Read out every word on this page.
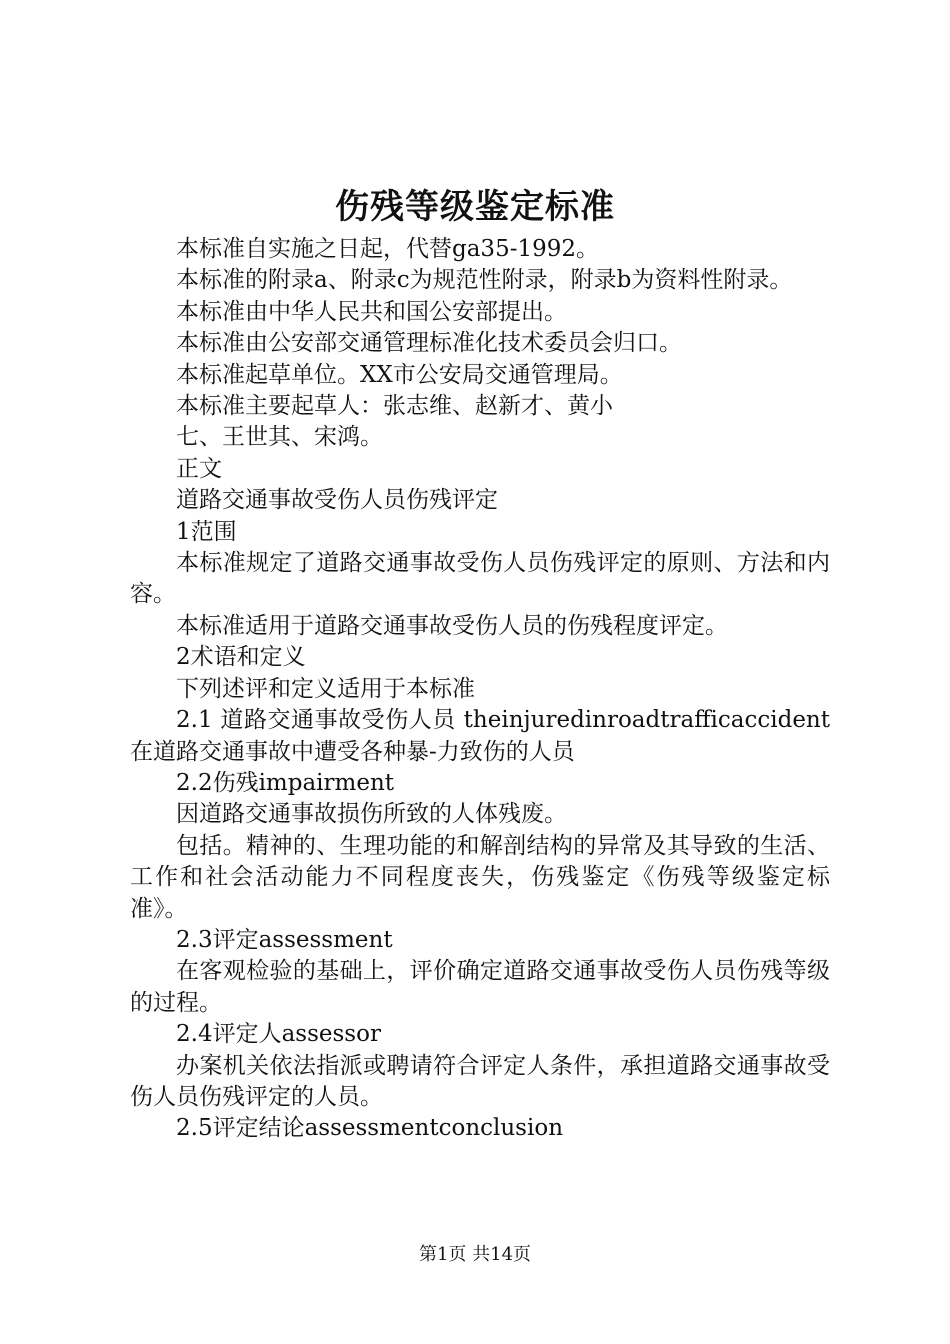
伤残等级鉴定标准

本标准自实施之日起，代替ga35-1992。

本标准的附录a、附录c为规范性附录，附录b为资料性附录。

本标准由中华人民共和国公安部提出。

本标准由公安部交通管理标准化技术委员会归口。

本标准起草单位。XX市公安局交通管理局。

本标准主要起草人：张志维、赵新才、黄小

七、王世其、宋鸿。

正文

道路交通事故受伤人员伤残评定

1范围

本标准规定了道路交通事故受伤人员伤残评定的原则、方法和内容。

本标准适用于道路交通事故受伤人员的伤残程度评定。

2术语和定义

下列述评和定义适用于本标准

2.1 道路交通事故受伤人员 theinjuredinroadtrafficaccident在道路交通事故中遭受各种暴-力致伤的人员

2.2伤残impairment

因道路交通事故损伤所致的人体残废。

包括。精神的、生理功能的和解剖结构的异常及其导致的生活、工作和社会活动能力不同程度丧失，伤残鉴定《伤残等级鉴定标准》。

2.3评定assessment

在客观检验的基础上，评价确定道路交通事故受伤人员伤残等级的过程。

2.4评定人assessor

办案机关依法指派或聘请符合评定人条件，承担道路交通事故受伤人员伤残评定的人员。

2.5评定结论assessmentconclusion

第1页 共14页
